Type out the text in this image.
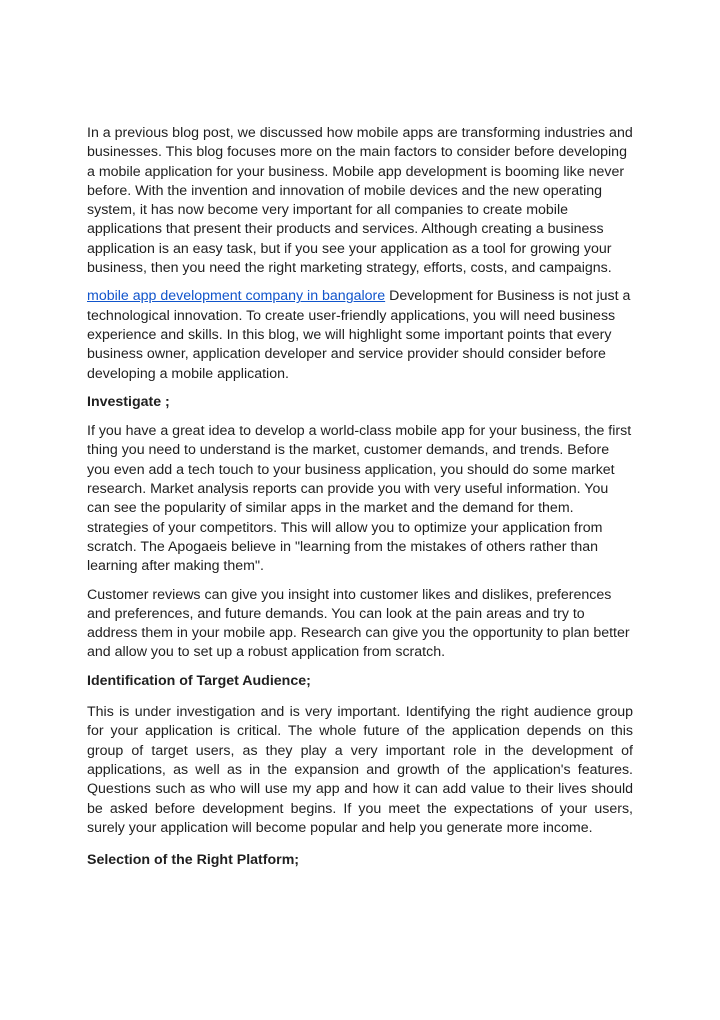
In a previous blog post, we discussed how mobile apps are transforming industries and businesses. This blog focuses more on the main factors to consider before developing a mobile application for your business. Mobile app development is booming like never before. With the invention and innovation of mobile devices and the new operating system, it has now become very important for all companies to create mobile applications that present their products and services. Although creating a business application is an easy task, but if you see your application as a tool for growing your business, then you need the right marketing strategy, efforts, costs, and campaigns.

mobile app development company in bangalore Development for Business is not just a technological innovation. To create user-friendly applications, you will need business experience and skills. In this blog, we will highlight some important points that every business owner, application developer and service provider should consider before developing a mobile application.

Investigate ;

If you have a great idea to develop a world-class mobile app for your business, the first thing you need to understand is the market, customer demands, and trends. Before you even add a tech touch to your business application, you should do some market research. Market analysis reports can provide you with very useful information. You can see the popularity of similar apps in the market and the demand for them. strategies of your competitors. This will allow you to optimize your application from scratch. The Apogaeis believe in "learning from the mistakes of others rather than learning after making them".

Customer reviews can give you insight into customer likes and dislikes, preferences and preferences, and future demands. You can look at the pain areas and try to address them in your mobile app. Research can give you the opportunity to plan better and allow you to set up a robust application from scratch.

Identification of Target Audience;

This is under investigation and is very important. Identifying the right audience group for your application is critical. The whole future of the application depends on this group of target users, as they play a very important role in the development of applications, as well as in the expansion and growth of the application's features. Questions such as who will use my app and how it can add value to their lives should be asked before development begins. If you meet the expectations of your users, surely your application will become popular and help you generate more income.

Selection of the Right Platform;
